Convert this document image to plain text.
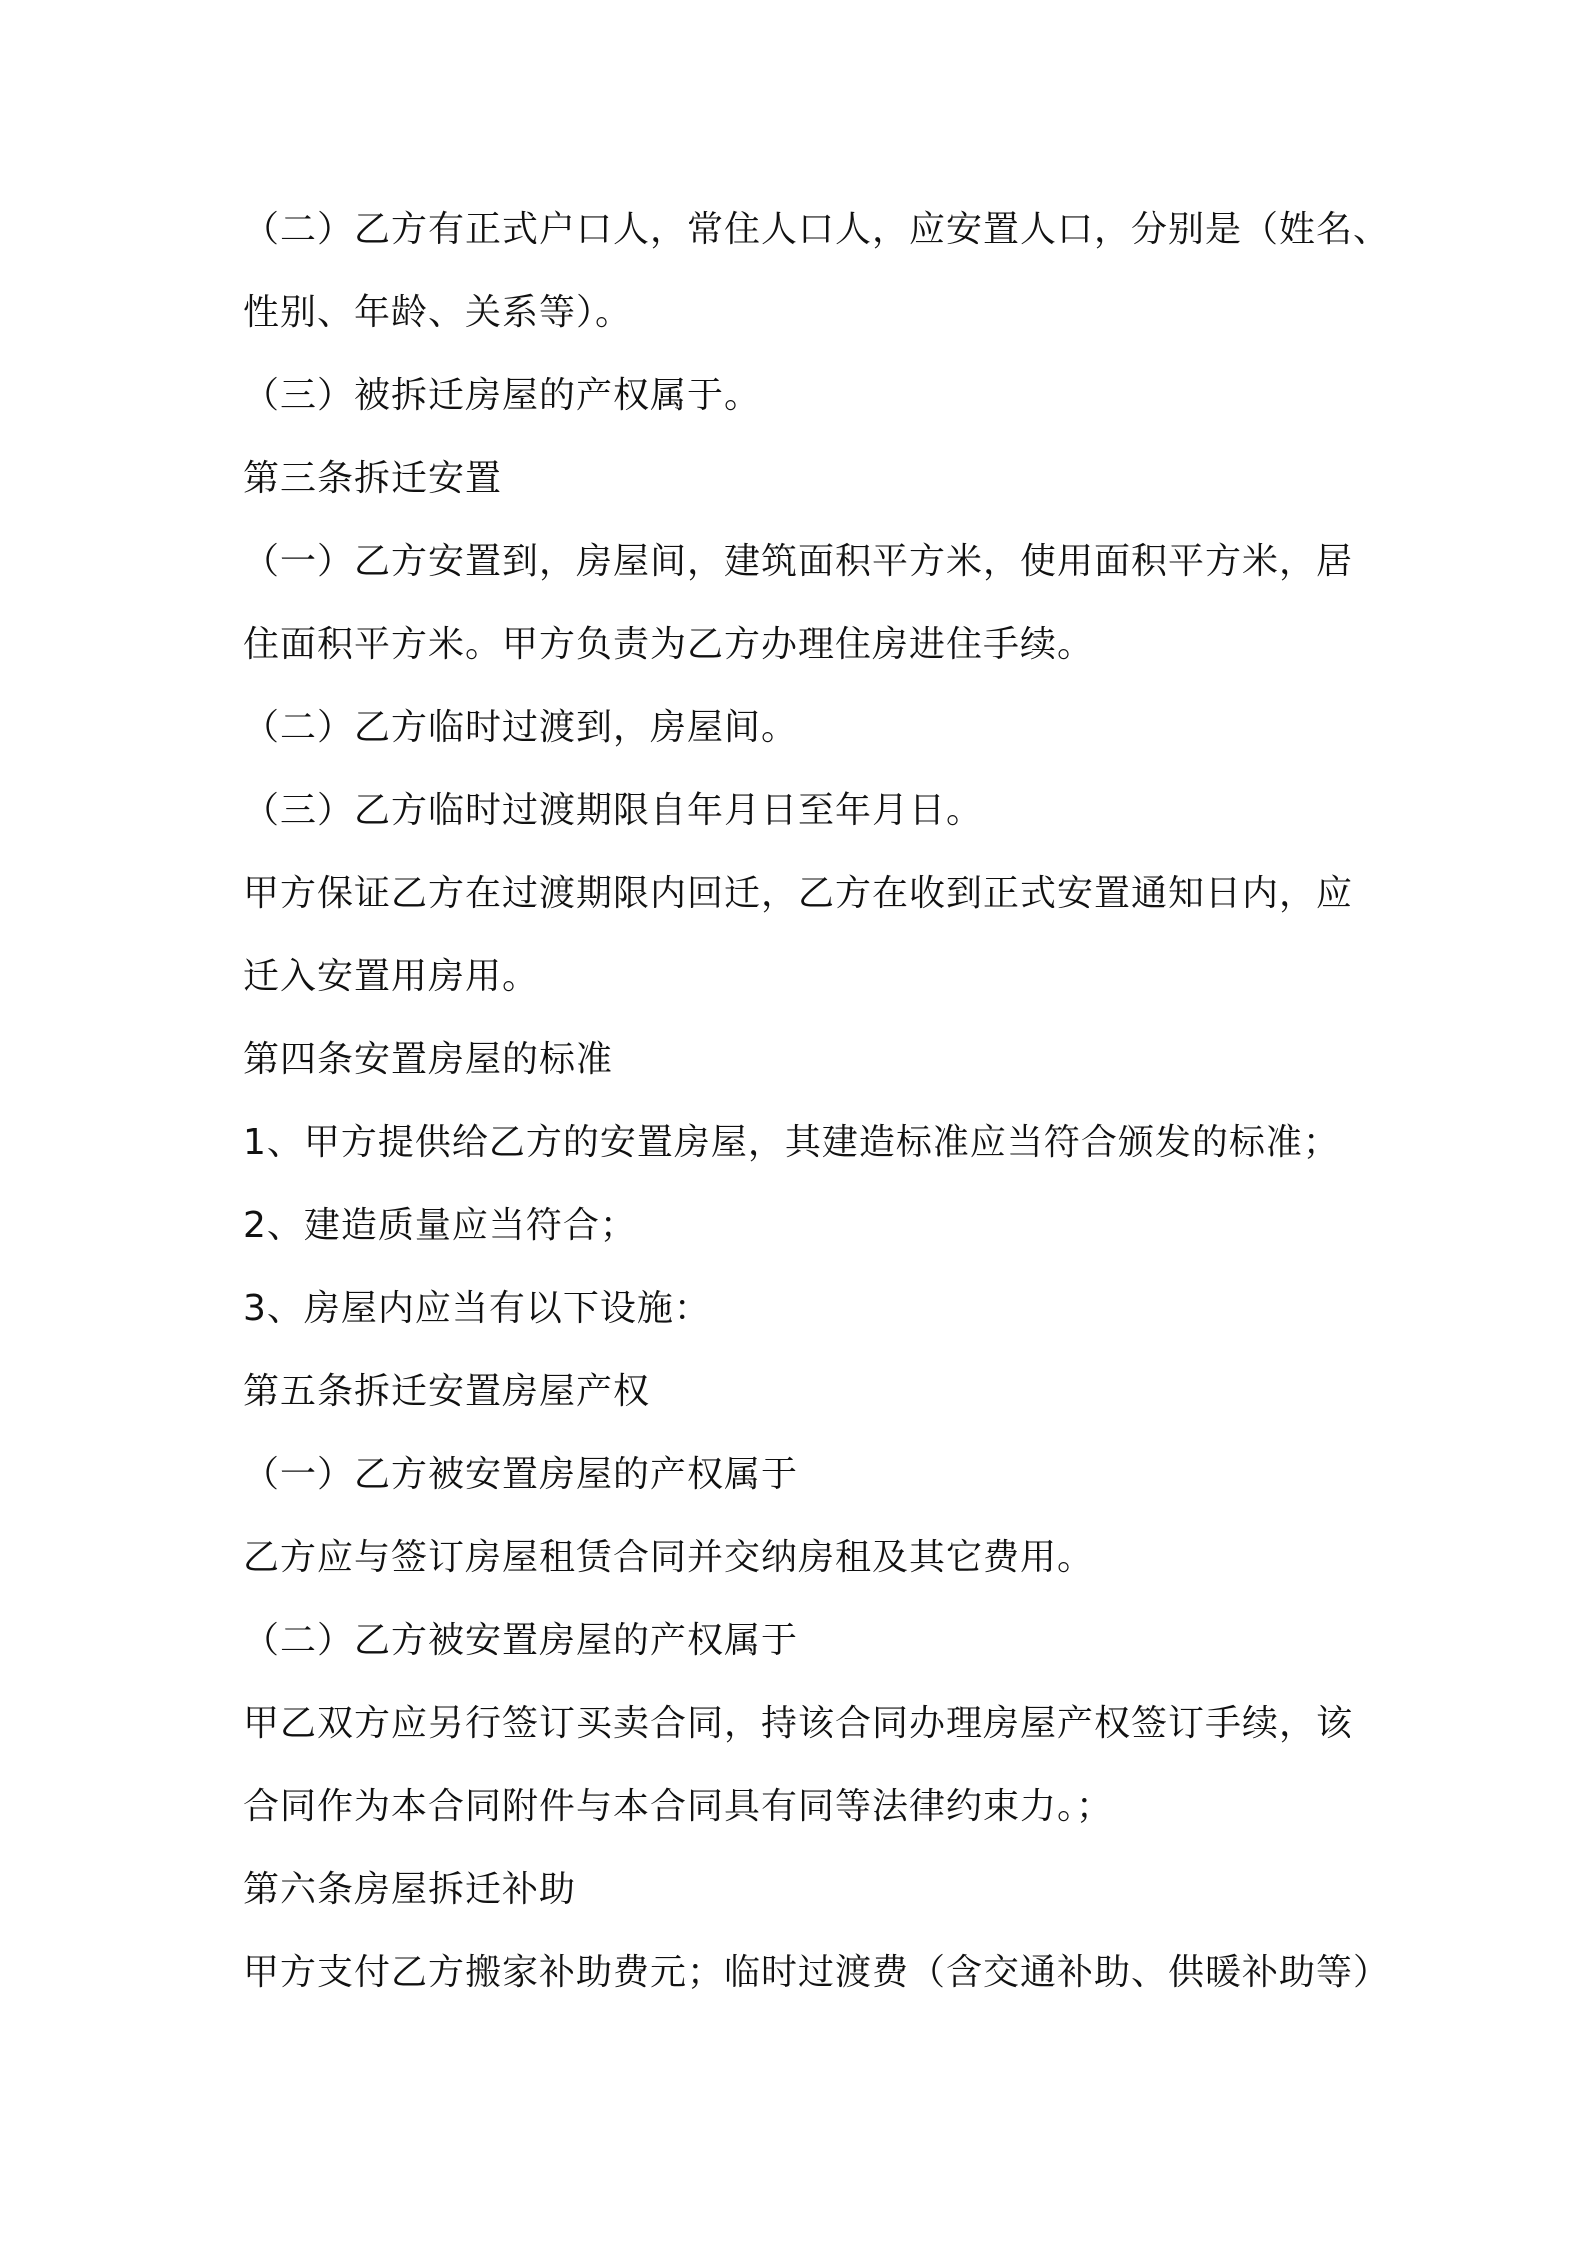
（二）乙方有正式户口人，常住人口人，应安置人口，分别是（姓名、
性别、年龄、关系等）。
（三）被拆迁房屋的产权属于。
第三条拆迁安置
（一）乙方安置到，房屋间，建筑面积平方米，使用面积平方米，居
住面积平方米。甲方负责为乙方办理住房进住手续。
（二）乙方临时过渡到，房屋间。
（三）乙方临时过渡期限自年月日至年月日。
甲方保证乙方在过渡期限内回迁，乙方在收到正式安置通知日内，应
迁入安置用房用。
第四条安置房屋的标准
1、甲方提供给乙方的安置房屋，其建造标准应当符合颁发的标准；
2、建造质量应当符合；
3、房屋内应当有以下设施：
第五条拆迁安置房屋产权
（一）乙方被安置房屋的产权属于
乙方应与签订房屋租赁合同并交纳房租及其它费用。
（二）乙方被安置房屋的产权属于
甲乙双方应另行签订买卖合同，持该合同办理房屋产权签订手续，该
合同作为本合同附件与本合同具有同等法律约束力。；
第六条房屋拆迁补助
甲方支付乙方搬家补助费元；临时过渡费（含交通补助、供暖补助等）
